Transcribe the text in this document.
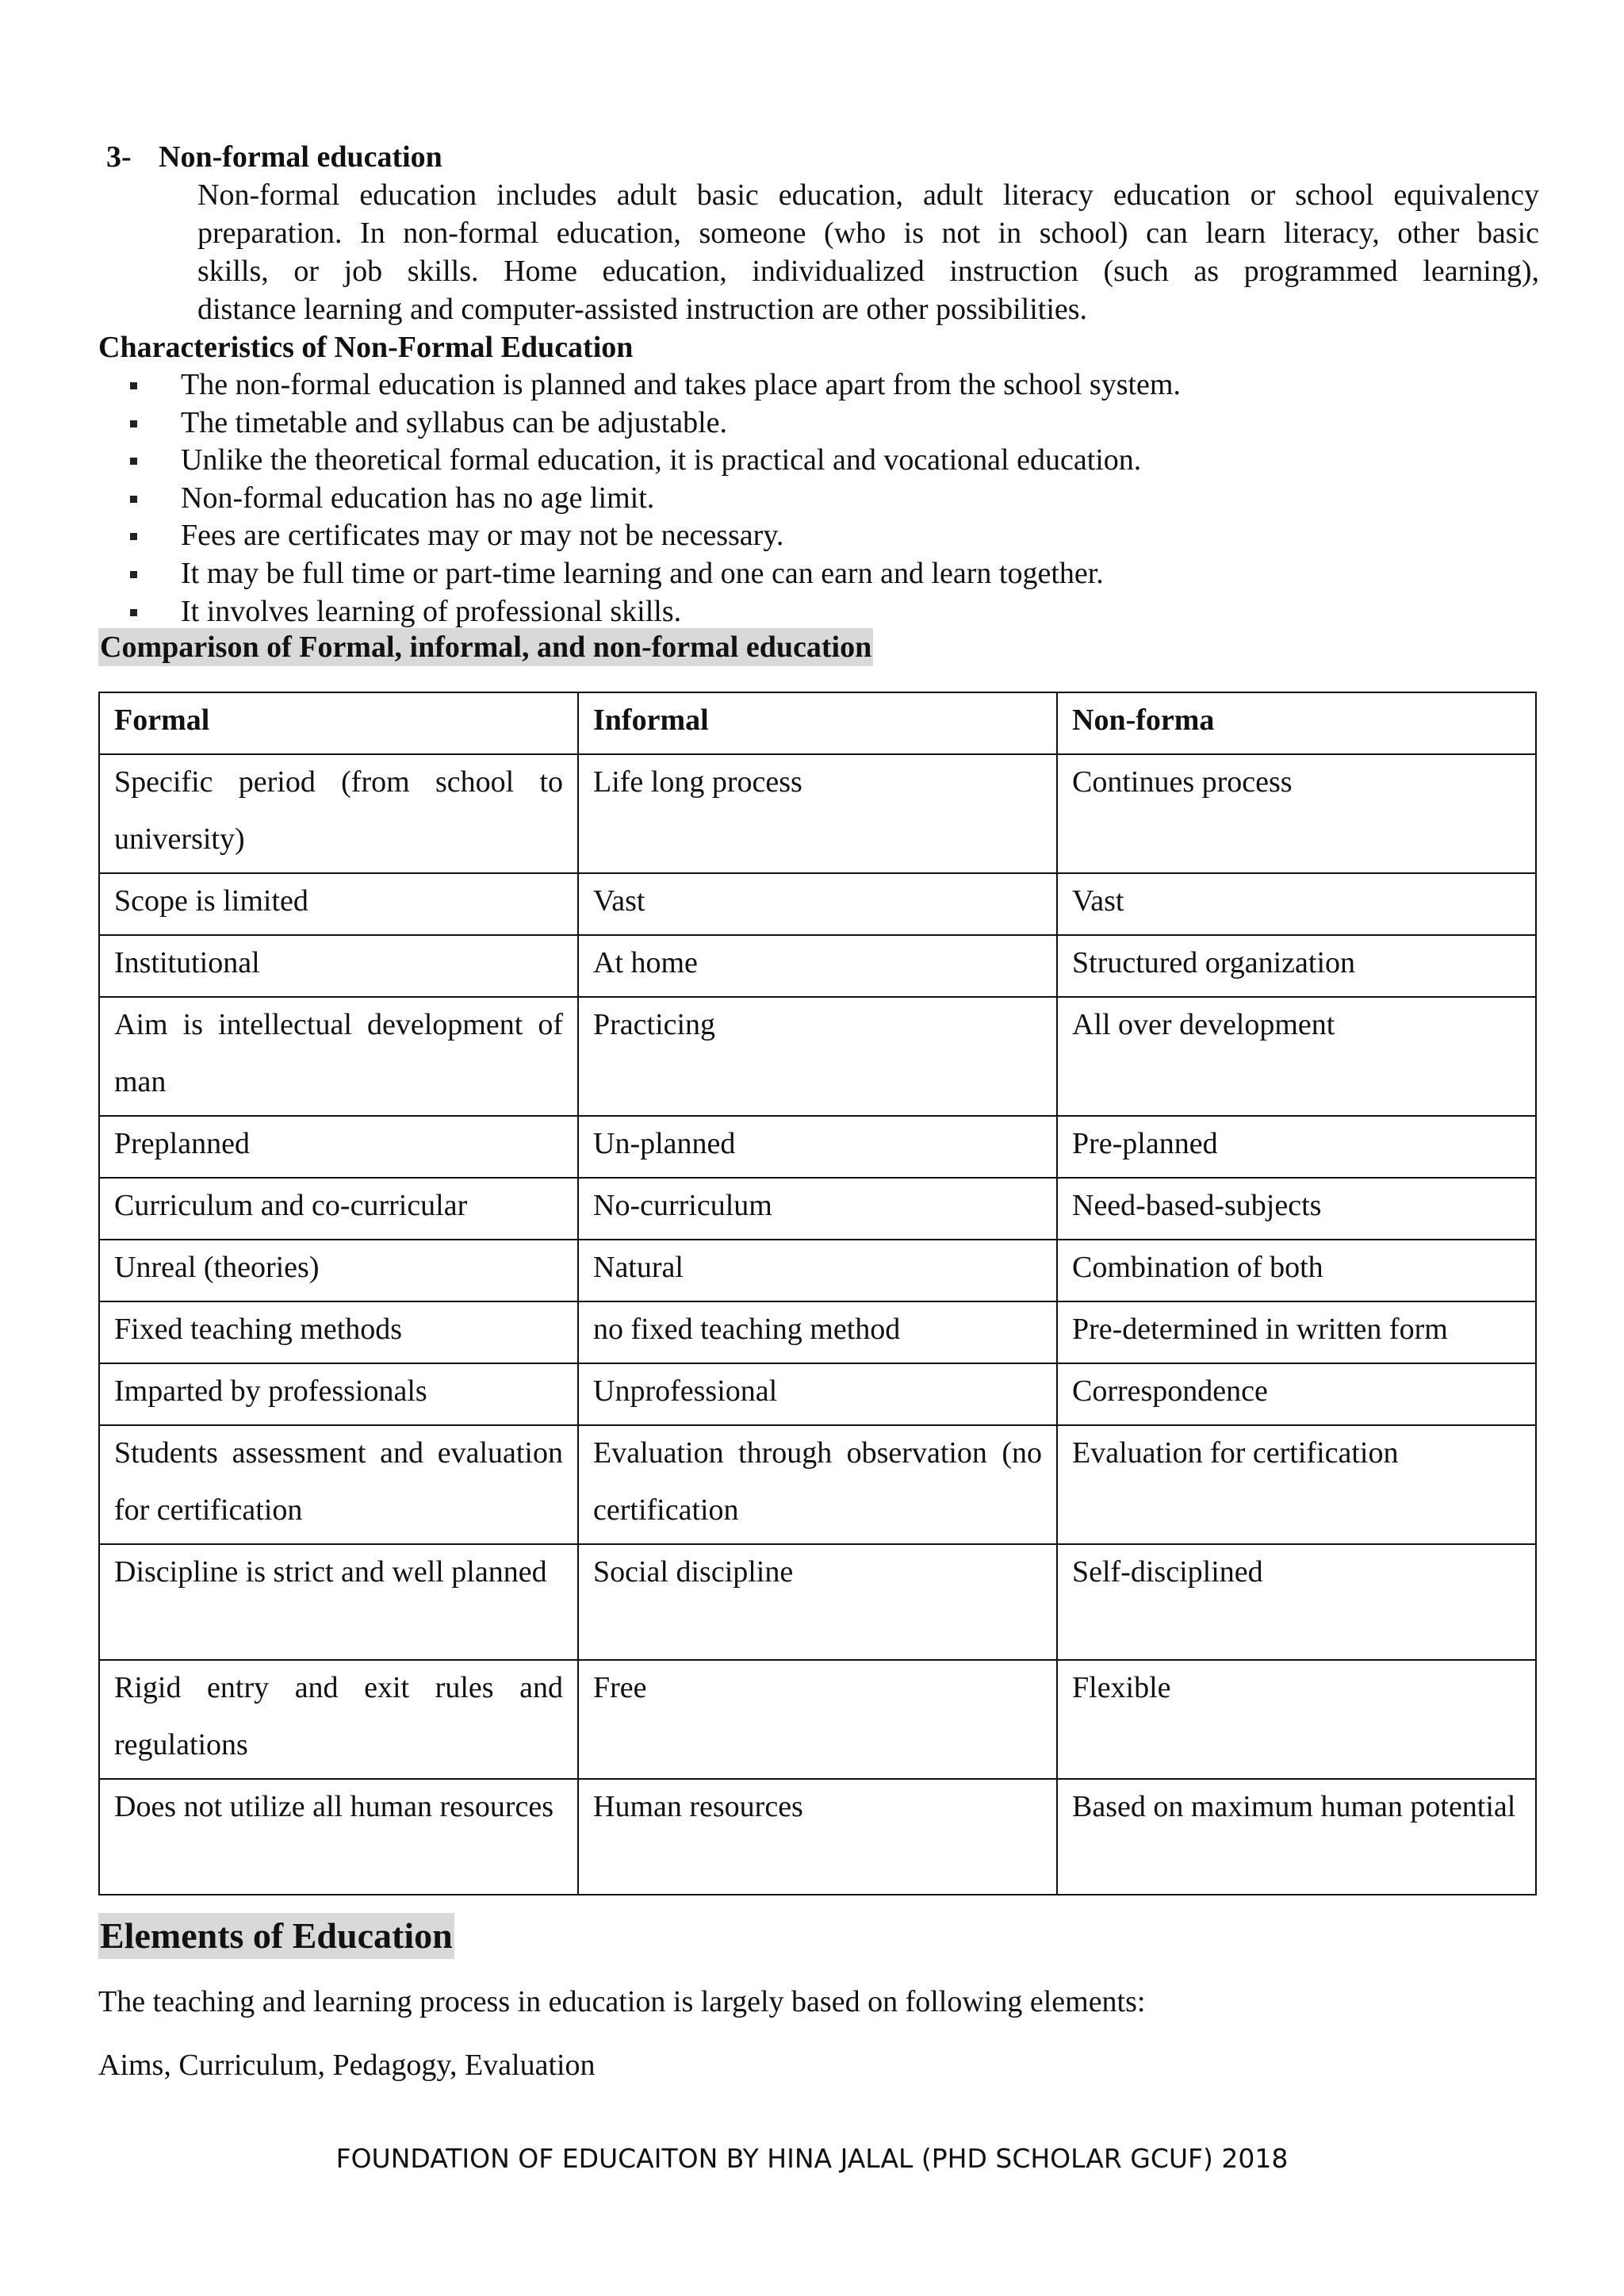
3- Non-formal education
Non-formal education includes adult basic education, adult literacy education or school equivalency
preparation. In non-formal education, someone (who is not in school) can learn literacy, other basic
skills, or job skills. Home education, individualized instruction (such as programmed learning),
distance learning and computer-assisted instruction are other possibilities.
Characteristics of Non-Formal Education
The non-formal education is planned and takes place apart from the school system.
The timetable and syllabus can be adjustable.
Unlike the theoretical formal education, it is practical and vocational education.
Non-formal education has no age limit.
Fees are certificates may or may not be necessary.
It may be full time or part-time learning and one can earn and learn together.
It involves learning of professional skills.
Comparison of Formal, informal, and non-formal education
Formal	Informal	Non-forma

Specific period (from school to university)	Life long process	Continues process

Scope is limited	Vast	Vast

Institutional	At home	Structured organization

Aim is intellectual development of man	Practicing	All over development

Preplanned	Un-planned	Pre-planned

Curriculum and co-curricular	No-curriculum	Need-based-subjects

Unreal (theories)	Natural	Combination of both

Fixed teaching methods	no fixed teaching method	Pre-determined in written form

Imparted by professionals	Unprofessional	Correspondence

Students assessment and evaluation for certification	Evaluation through observation (no certification	Evaluation for certification

Discipline is strict and well planned	Social discipline	Self-disciplined

Rigid entry and exit rules and regulations	Free	Flexible

Does not utilize all human resources	Human resources	Based on maximum human potential
Elements of Education
The teaching and learning process in education is largely based on following elements:
Aims, Curriculum, Pedagogy, Evaluation
FOUNDATION OF EDUCAITON BY HINA JALAL (PHD SCHOLAR GCUF) 2018
